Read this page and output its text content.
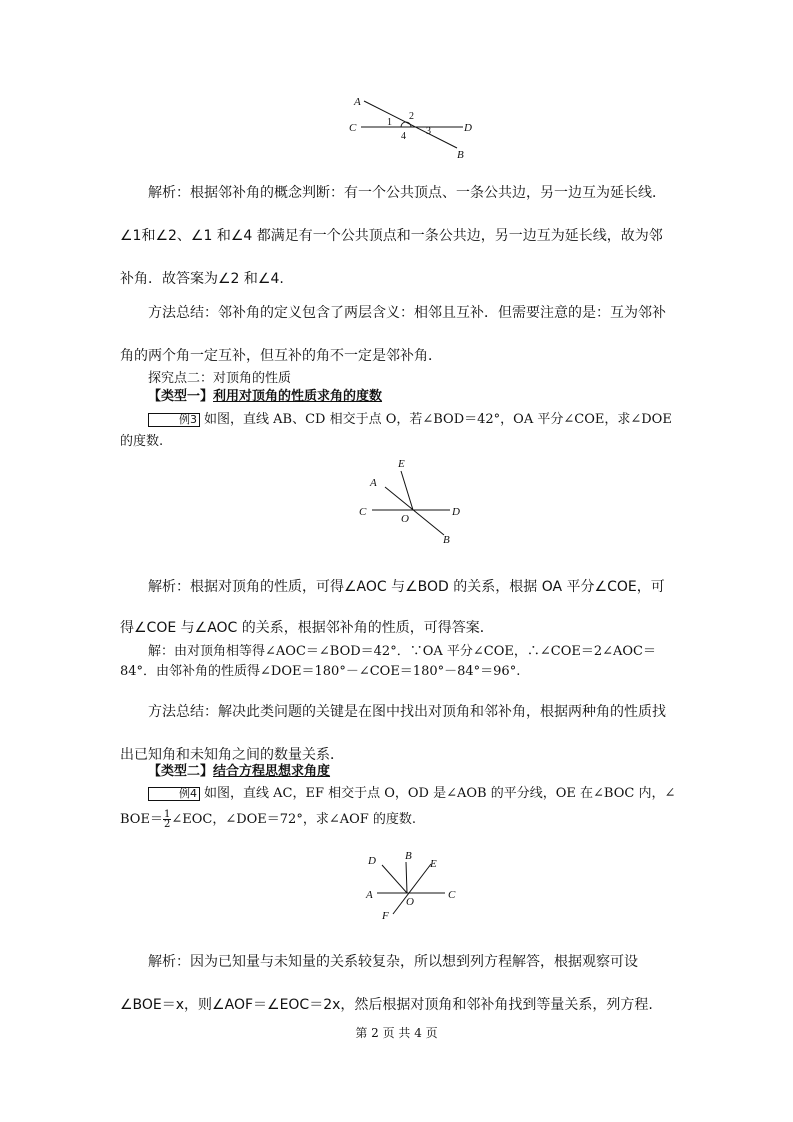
A
C	D
B
1
2
3
4

解析：根据邻补角的概念判断：有一个公共顶点、一条公共边，另一边互为延长线．∠1和∠2、∠1 和∠4 都满足有一个公共顶点和一条公共边，另一边互为延长线，故为邻补角．故答案为∠2 和∠4.

方法总结：邻补角的定义包含了两层含义：相邻且互补．但需要注意的是：互为邻补角的两个角一定互补，但互补的角不一定是邻补角．

探究点二：对顶角的性质

【类型一】利用对顶角的性质求角的度数

例3 如图，直线 AB、CD 相交于点 O，若∠BOD＝42°，OA 平分∠COE，求∠DOE 的度数.

E
A
C
O
D
B

解析：根据对顶角的性质，可得∠AOC 与∠BOD 的关系，根据 OA 平分∠COE，可得∠COE 与∠AOC 的关系，根据邻补角的性质，可得答案．

解：由对顶角相等得∠AOC＝∠BOD＝42°．∵OA 平分∠COE，∴∠COE＝2∠AOC＝84°．由邻补角的性质得∠DOE＝180°－∠COE＝180°－84°＝96°.

方法总结：解决此类问题的关键是在图中找出对顶角和邻补角，根据两种角的性质找出已知角和未知角之间的数量关系．

【类型二】结合方程思想求角度

例4 如图，直线 AC，EF 相交于点 O，OD 是∠AOB 的平分线，OE 在∠BOC 内，∠

$BOE= \frac{1}{2}$ ∠EOC，∠DOE＝72°，求∠AOF 的度数.

D	B
E
A	C
O
F

解析：因为已知量与未知量的关系较复杂，所以想到列方程解答，根据观察可设∠BOE＝x，则∠AOF＝∠EOC＝2x，然后根据对顶角和邻补角找到等量关系，列方程.

第 2 页 共 4 页
